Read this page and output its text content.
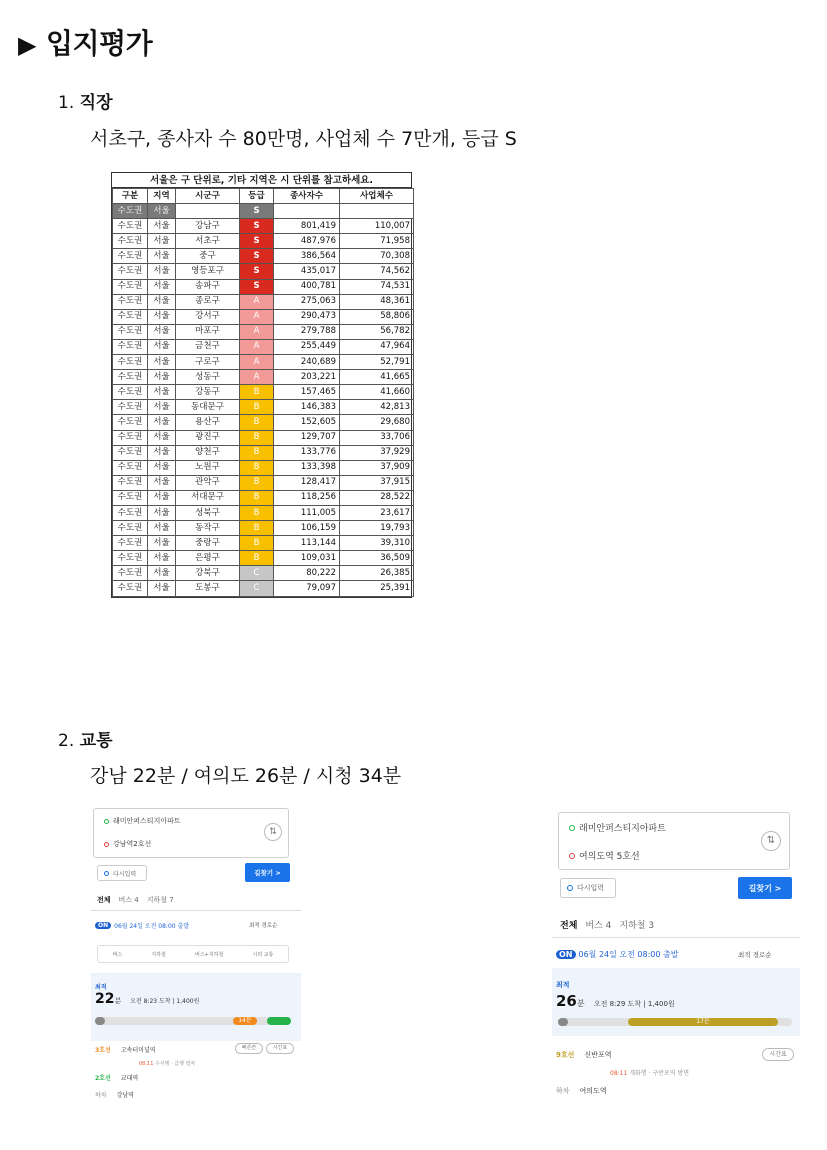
▶ 입지평가
1. 직장
서초구, 종사자 수 80만명, 사업체 수 7만개, 등급 S
서울은 구 단위로, 기타 지역은 시 단위를 참고하세요.
구분	지역	시군구	등급	종사자수	사업체수
수도권	서울		S		
수도권	서울	강남구	S	801,419	110,007
수도권	서울	서초구	S	487,976	71,958
수도권	서울	중구	S	386,564	70,308
수도권	서울	영등포구	S	435,017	74,562
수도권	서울	송파구	S	400,781	74,531
수도권	서울	종로구	A	275,063	48,361
수도권	서울	강서구	A	290,473	58,806
수도권	서울	마포구	A	279,788	56,782
수도권	서울	금천구	A	255,449	47,964
수도권	서울	구로구	A	240,689	52,791
수도권	서울	성동구	A	203,221	41,665
수도권	서울	강동구	B	157,465	41,660
수도권	서울	동대문구	B	146,383	42,813
수도권	서울	용산구	B	152,605	29,680
수도권	서울	광진구	B	129,707	33,706
수도권	서울	양천구	B	133,776	37,929
수도권	서울	노원구	B	133,398	37,909
수도권	서울	관악구	B	128,417	37,915
수도권	서울	서대문구	B	118,256	28,522
수도권	서울	성북구	B	111,005	23,617
수도권	서울	동작구	B	106,159	19,793
수도권	서울	중랑구	B	113,144	39,310
수도권	서울	은평구	B	109,031	36,509
수도권	서울	강북구	C	80,222	26,385
수도권	서울	도봉구	C	79,097	25,391
2. 교통
강남 22분 / 여의도 26분 / 시청 34분
래미안퍼스티지아파트
강남역2호선
⇅
다시입력	길찾기 >
전체 버스 4 지하철 7
ON	06월 24일 오전 08:00 출발	최적 경로순
버스	지하철	버스+지하철	시외 교통
최적
22분 오전 8:23 도착 | 1,400원
14분
3호선 고속터미널역	빠른칸	시간표
08:11 수서행 · 급행 열차
2호선 교대역
하차 강남역
래미안퍼스티지아파트
여의도역 5호선
⇅
다시입력	길찾기 >
전체 버스 4 지하철 3
ON 06월 24일 오전 08:00 출발	최적 경로순
최적
26분 오전 8:29 도착 | 1,400원
17분
9호선 신반포역	시간표
08:11 개화행 · 구반포역 방면
하차 여의도역
